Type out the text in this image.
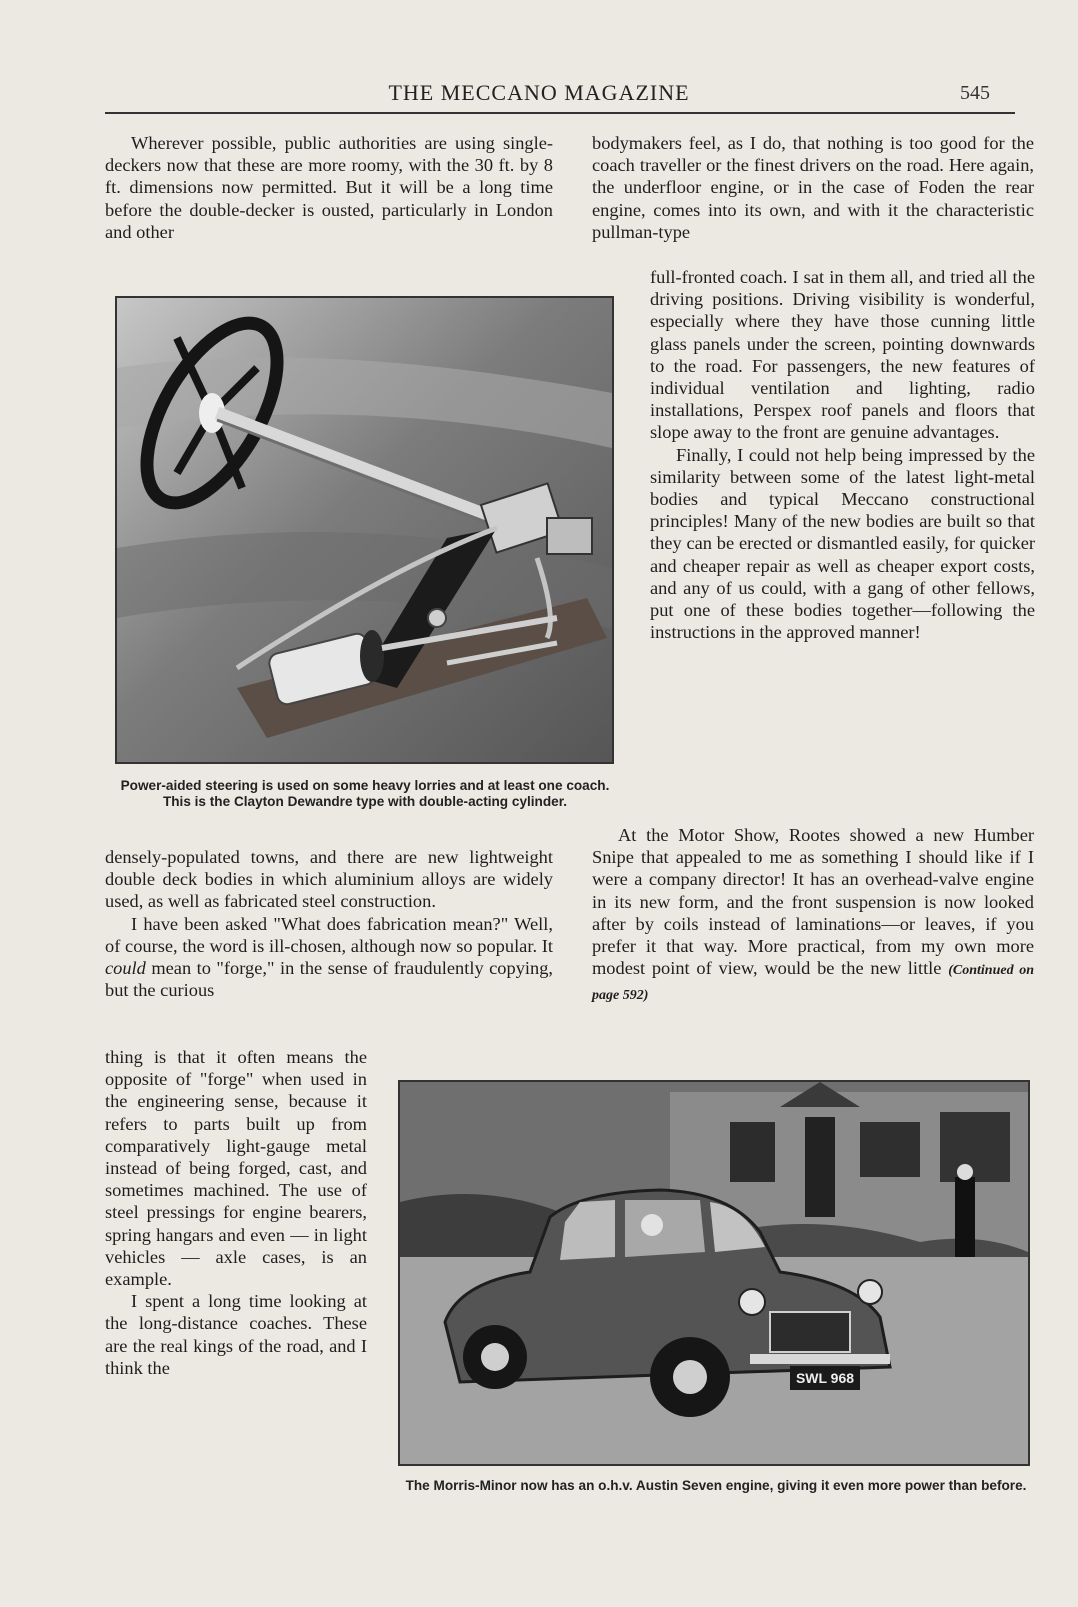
THE MECCANO MAGAZINE	545

Wherever possible, public authorities are using single-deckers now that these are more roomy, with the 30 ft. by 8 ft. dimensions now permitted. But it will be a long time before the double-decker is ousted, particularly in London and other

Power-aided steering is used on some heavy lorries and at least one coach. This is the Clayton Dewandre type with double-acting cylinder.

densely-populated towns, and there are new lightweight double deck bodies in which aluminium alloys are widely used, as well as fabricated steel construction.

I have been asked "What does fabrication mean?" Well, of course, the word is ill-chosen, although now so popular. It could mean to "forge," in the sense of fraudulently copying, but the curious

thing is that it often means the opposite of "forge" when used in the engineering sense, because it refers to parts built up from comparatively light-gauge metal instead of being forged, cast, and sometimes machined. The use of steel pressings for engine bearers, spring hangars and even — in light vehicles — axle cases, is an example.

I spent a long time looking at the long-distance coaches. These are the real kings of the road, and I think the

bodymakers feel, as I do, that nothing is too good for the coach traveller or the finest drivers on the road. Here again, the underfloor engine, or in the case of Foden the rear engine, comes into its own, and with it the characteristic pullman-type

full-fronted coach. I sat in them all, and tried all the driving positions. Driving visibility is wonderful, especially where they have those cunning little glass panels under the screen, pointing downwards to the road. For passengers, the new features of individual ventilation and lighting, radio installations, Perspex roof panels and floors that slope away to the front are genuine advantages.

Finally, I could not help being impressed by the similarity between some of the latest light-metal bodies and typical Meccano constructional principles! Many of the new bodies are built so that they can be erected or dismantled easily, for quicker and cheaper repair as well as cheaper export costs, and any of us could, with a gang of other fellows, put one of these bodies together—following the instructions in the approved manner!

At the Motor Show, Rootes showed a new Humber Snipe that appealed to me as something I should like if I were a company director! It has an overhead-valve engine in its new form, and the front suspension is now looked after by coils instead of laminations—or leaves, if you prefer it that way. More practical, from my own more modest point of view, would be the new little (Continued on page 592)

SWL 968

The Morris-Minor now has an o.h.v. Austin Seven engine, giving it even more power than before.
